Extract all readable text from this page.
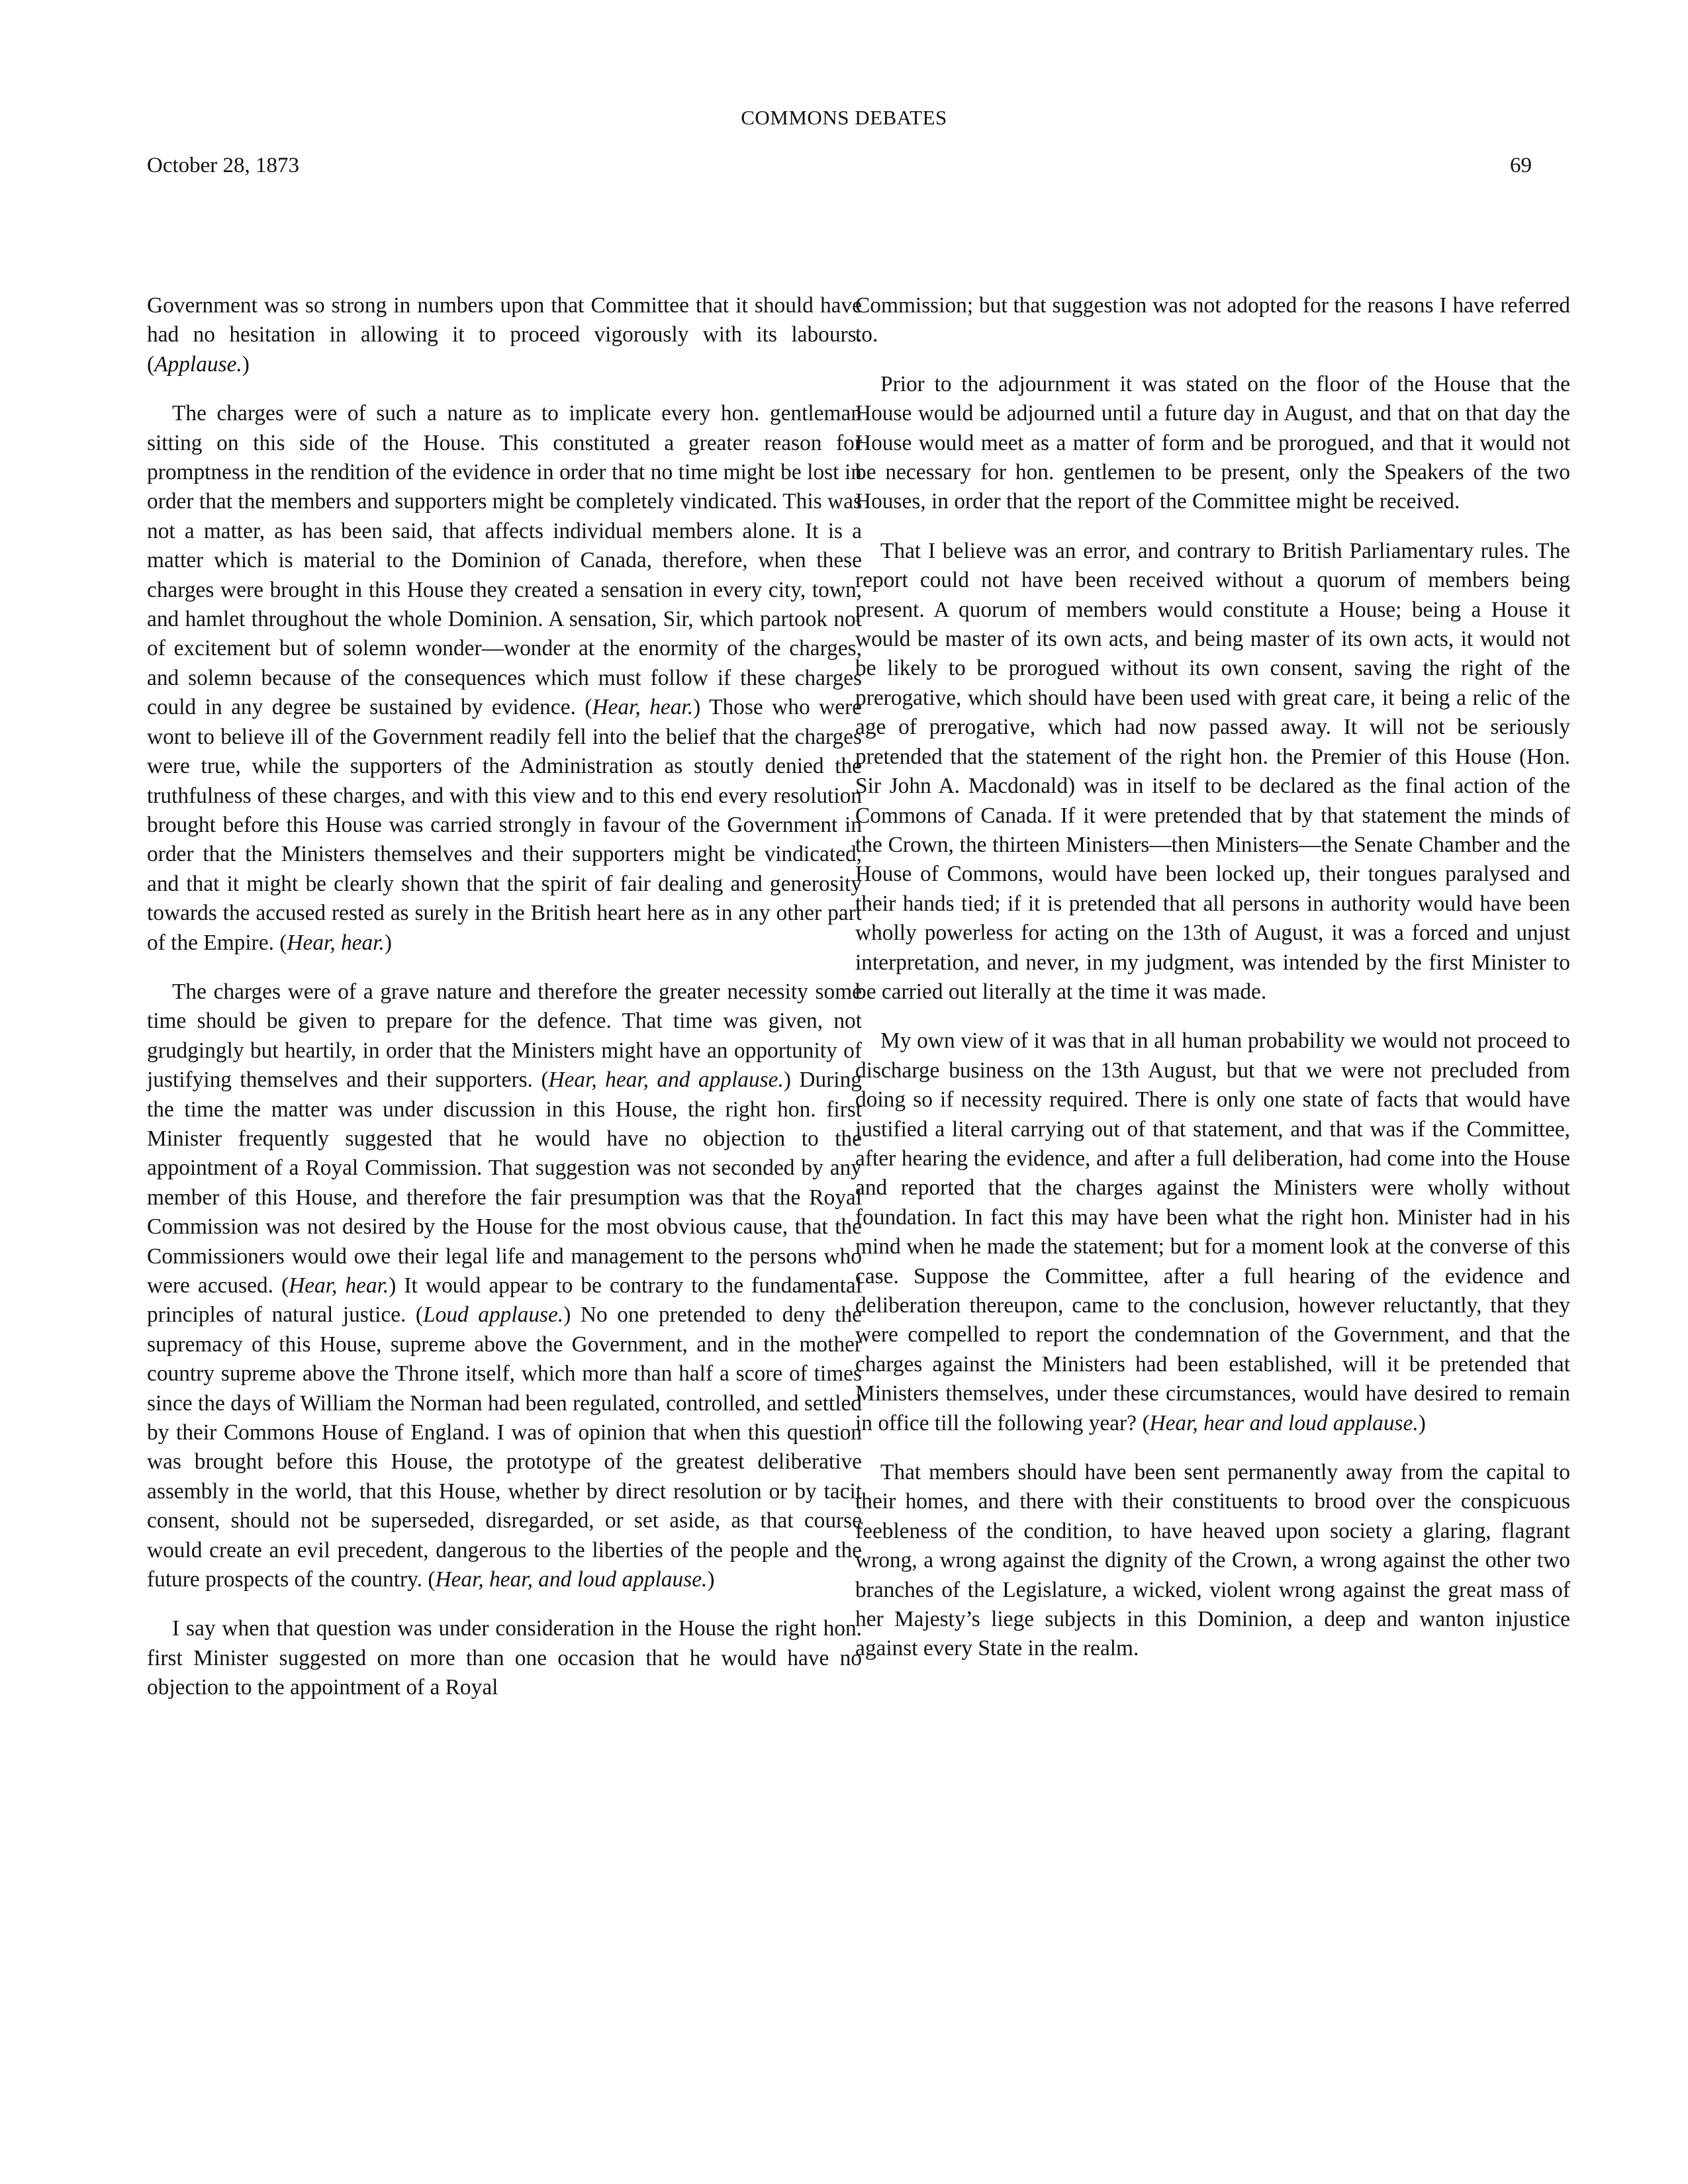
COMMONS DEBATES
October 28, 1873	69

Government was so strong in numbers upon that Committee that it should have had no hesitation in allowing it to proceed vigorously with its labours. (Applause.)

The charges were of such a nature as to implicate every hon. gentleman sitting on this side of the House. This constituted a greater reason for promptness in the rendition of the evidence in order that no time might be lost in order that the members and supporters might be completely vindicated. This was not a matter, as has been said, that affects individual members alone. It is a matter which is material to the Dominion of Canada, therefore, when these charges were brought in this House they created a sensation in every city, town, and hamlet throughout the whole Dominion. A sensation, Sir, which partook not of excitement but of solemn wonder—wonder at the enormity of the charges, and solemn because of the consequences which must follow if these charges could in any degree be sustained by evidence. (Hear, hear.) Those who were wont to believe ill of the Government readily fell into the belief that the charges were true, while the supporters of the Administration as stoutly denied the truthfulness of these charges, and with this view and to this end every resolution brought before this House was carried strongly in favour of the Government in order that the Ministers themselves and their supporters might be vindicated, and that it might be clearly shown that the spirit of fair dealing and generosity towards the accused rested as surely in the British heart here as in any other part of the Empire. (Hear, hear.)

The charges were of a grave nature and therefore the greater necessity some time should be given to prepare for the defence. That time was given, not grudgingly but heartily, in order that the Ministers might have an opportunity of justifying themselves and their supporters. (Hear, hear, and applause.) During the time the matter was under discussion in this House, the right hon. first Minister frequently suggested that he would have no objection to the appointment of a Royal Commission. That suggestion was not seconded by any member of this House, and therefore the fair presumption was that the Royal Commission was not desired by the House for the most obvious cause, that the Commissioners would owe their legal life and management to the persons who were accused. (Hear, hear.) It would appear to be contrary to the fundamental principles of natural justice. (Loud applause.) No one pretended to deny the supremacy of this House, supreme above the Government, and in the mother country supreme above the Throne itself, which more than half a score of times since the days of William the Norman had been regulated, controlled, and settled by their Commons House of England. I was of opinion that when this question was brought before this House, the prototype of the greatest deliberative assembly in the world, that this House, whether by direct resolution or by tacit consent, should not be superseded, disregarded, or set aside, as that course would create an evil precedent, dangerous to the liberties of the people and the future prospects of the country. (Hear, hear, and loud applause.)

I say when that question was under consideration in the House the right hon. first Minister suggested on more than one occasion that he would have no objection to the appointment of a Royal

Commission; but that suggestion was not adopted for the reasons I have referred to.

Prior to the adjournment it was stated on the floor of the House that the House would be adjourned until a future day in August, and that on that day the House would meet as a matter of form and be prorogued, and that it would not be necessary for hon. gentlemen to be present, only the Speakers of the two Houses, in order that the report of the Committee might be received.

That I believe was an error, and contrary to British Parliamentary rules. The report could not have been received without a quorum of members being present. A quorum of members would constitute a House; being a House it would be master of its own acts, and being master of its own acts, it would not be likely to be prorogued without its own consent, saving the right of the prerogative, which should have been used with great care, it being a relic of the age of prerogative, which had now passed away. It will not be seriously pretended that the statement of the right hon. the Premier of this House (Hon. Sir John A. Macdonald) was in itself to be declared as the final action of the Commons of Canada. If it were pretended that by that statement the minds of the Crown, the thirteen Ministers—then Ministers—the Senate Chamber and the House of Commons, would have been locked up, their tongues paralysed and their hands tied; if it is pretended that all persons in authority would have been wholly powerless for acting on the 13th of August, it was a forced and unjust interpretation, and never, in my judgment, was intended by the first Minister to be carried out literally at the time it was made.

My own view of it was that in all human probability we would not proceed to discharge business on the 13th August, but that we were not precluded from doing so if necessity required. There is only one state of facts that would have justified a literal carrying out of that statement, and that was if the Committee, after hearing the evidence, and after a full deliberation, had come into the House and reported that the charges against the Ministers were wholly without foundation. In fact this may have been what the right hon. Minister had in his mind when he made the statement; but for a moment look at the converse of this case. Suppose the Committee, after a full hearing of the evidence and deliberation thereupon, came to the conclusion, however reluctantly, that they were compelled to report the condemnation of the Government, and that the charges against the Ministers had been established, will it be pretended that Ministers themselves, under these circumstances, would have desired to remain in office till the following year? (Hear, hear and loud applause.)

That members should have been sent permanently away from the capital to their homes, and there with their constituents to brood over the conspicuous feebleness of the condition, to have heaved upon society a glaring, flagrant wrong, a wrong against the dignity of the Crown, a wrong against the other two branches of the Legislature, a wicked, violent wrong against the great mass of her Majesty’s liege subjects in this Dominion, a deep and wanton injustice against every State in the realm.
